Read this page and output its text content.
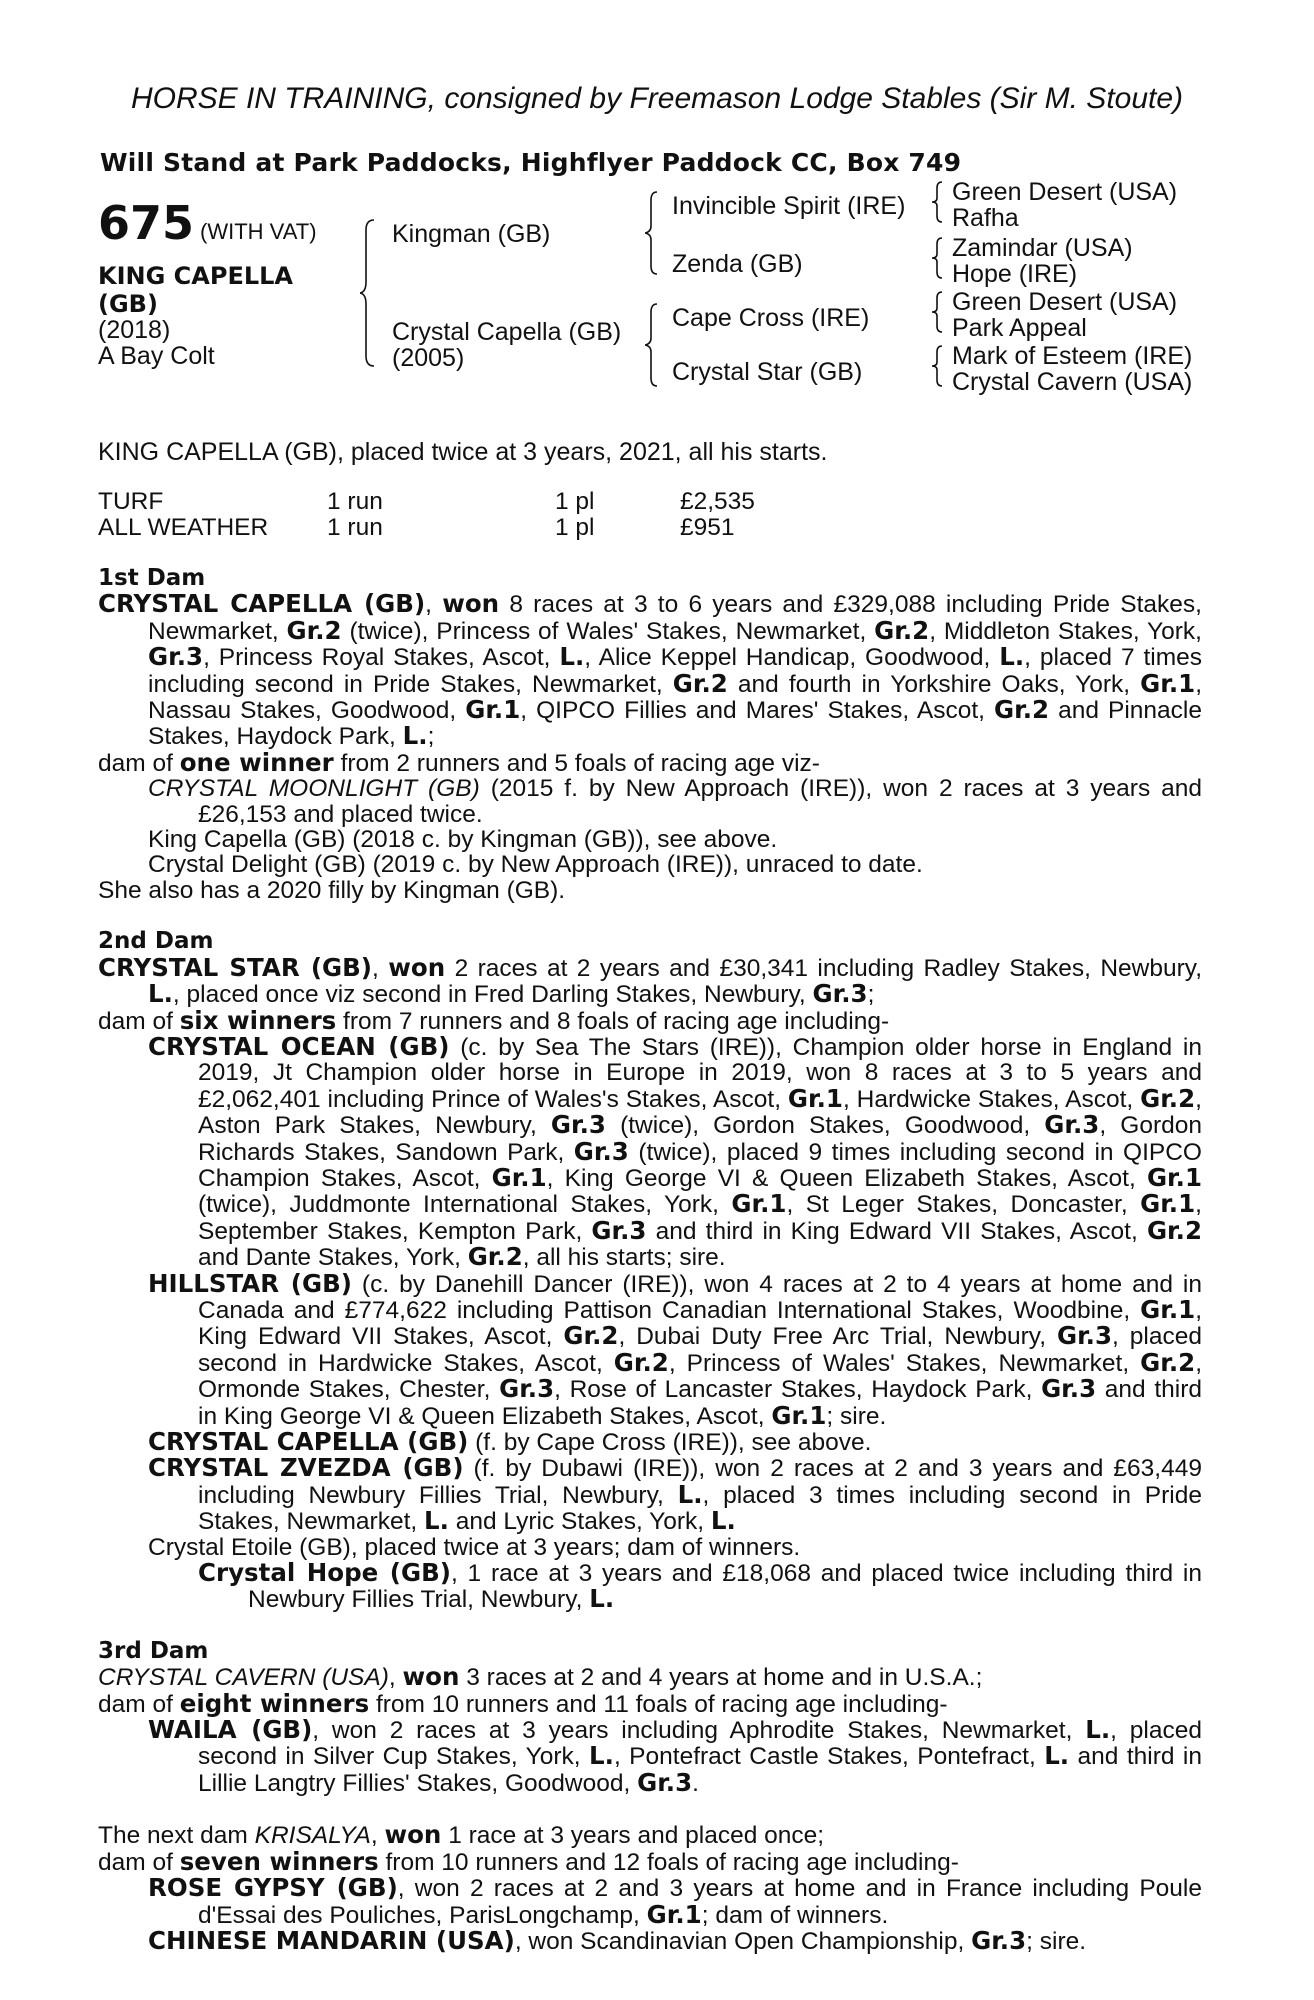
HORSE IN TRAINING, consigned by Freemason Lodge Stables (Sir M. Stoute)
Will Stand at Park Paddocks, Highflyer Paddock CC, Box 749
675 (WITH VAT)
KING CAPELLA
(GB)
(2018)
A Bay Colt
Kingman (GB)
Crystal Capella (GB)
(2005)
Invincible Spirit (IRE)
Zenda (GB)
Cape Cross (IRE)
Crystal Star (GB)
Green Desert (USA)
Rafha
Zamindar (USA)
Hope (IRE)
Green Desert (USA)
Park Appeal
Mark of Esteem (IRE)
Crystal Cavern (USA)
KING CAPELLA (GB), placed twice at 3 years, 2021, all his starts.
TURF	1 run	1 pl	£2,535
ALL WEATHER 1 run	1 pl	£951

1st Dam

CRYSTAL CAPELLA (GB), won 8 races at 3 to 6 years and £329,088 including Pride Stakes, Newmarket, Gr.2 (twice), Princess of Wales' Stakes, Newmarket, Gr.2, Middleton Stakes, York, Gr.3, Princess Royal Stakes, Ascot, L., Alice Keppel Handicap, Goodwood, L., placed 7 times including second in Pride Stakes, Newmarket, Gr.2 and fourth in Yorkshire Oaks, York, Gr.1, Nassau Stakes, Goodwood, Gr.1, QIPCO Fillies and Mares' Stakes, Ascot, Gr.2 and Pinnacle Stakes, Haydock Park, L.;

dam of one winner from 2 runners and 5 foals of racing age viz-

CRYSTAL MOONLIGHT (GB) (2015 f. by New Approach (IRE)), won 2 races at 3 years and £26,153 and placed twice.

King Capella (GB) (2018 c. by Kingman (GB)), see above.

Crystal Delight (GB) (2019 c. by New Approach (IRE)), unraced to date.

She also has a 2020 filly by Kingman (GB).

2nd Dam

CRYSTAL STAR (GB), won 2 races at 2 years and £30,341 including Radley Stakes, Newbury, L., placed once viz second in Fred Darling Stakes, Newbury, Gr.3;

dam of six winners from 7 runners and 8 foals of racing age including-

CRYSTAL OCEAN (GB) (c. by Sea The Stars (IRE)), Champion older horse in England in 2019, Jt Champion older horse in Europe in 2019, won 8 races at 3 to 5 years and £2,062,401 including Prince of Wales's Stakes, Ascot, Gr.1, Hardwicke Stakes, Ascot, Gr.2, Aston Park Stakes, Newbury, Gr.3 (twice), Gordon Stakes, Goodwood, Gr.3, Gordon Richards Stakes, Sandown Park, Gr.3 (twice), placed 9 times including second in QIPCO Champion Stakes, Ascot, Gr.1, King George VI & Queen Elizabeth Stakes, Ascot, Gr.1 (twice), Juddmonte International Stakes, York, Gr.1, St Leger Stakes, Doncaster, Gr.1, September Stakes, Kempton Park, Gr.3 and third in King Edward VII Stakes, Ascot, Gr.2 and Dante Stakes, York, Gr.2, all his starts; sire.

HILLSTAR (GB) (c. by Danehill Dancer (IRE)), won 4 races at 2 to 4 years at home and in Canada and £774,622 including Pattison Canadian International Stakes, Woodbine, Gr.1, King Edward VII Stakes, Ascot, Gr.2, Dubai Duty Free Arc Trial, Newbury, Gr.3, placed second in Hardwicke Stakes, Ascot, Gr.2, Princess of Wales' Stakes, Newmarket, Gr.2, Ormonde Stakes, Chester, Gr.3, Rose of Lancaster Stakes, Haydock Park, Gr.3 and third in King George VI & Queen Elizabeth Stakes, Ascot, Gr.1; sire.

CRYSTAL CAPELLA (GB) (f. by Cape Cross (IRE)), see above.

CRYSTAL ZVEZDA (GB) (f. by Dubawi (IRE)), won 2 races at 2 and 3 years and £63,449 including Newbury Fillies Trial, Newbury, L., placed 3 times including second in Pride Stakes, Newmarket, L. and Lyric Stakes, York, L.

Crystal Etoile (GB), placed twice at 3 years; dam of winners.

Crystal Hope (GB), 1 race at 3 years and £18,068 and placed twice including third in Newbury Fillies Trial, Newbury, L.

3rd Dam

CRYSTAL CAVERN (USA), won 3 races at 2 and 4 years at home and in U.S.A.;

dam of eight winners from 10 runners and 11 foals of racing age including-

WAILA (GB), won 2 races at 3 years including Aphrodite Stakes, Newmarket, L., placed second in Silver Cup Stakes, York, L., Pontefract Castle Stakes, Pontefract, L. and third in Lillie Langtry Fillies' Stakes, Goodwood, Gr.3.

The next dam KRISALYA, won 1 race at 3 years and placed once;

dam of seven winners from 10 runners and 12 foals of racing age including-

ROSE GYPSY (GB), won 2 races at 2 and 3 years at home and in France including Poule d'Essai des Pouliches, ParisLongchamp, Gr.1; dam of winners.

CHINESE MANDARIN (USA), won Scandinavian Open Championship, Gr.3; sire.
